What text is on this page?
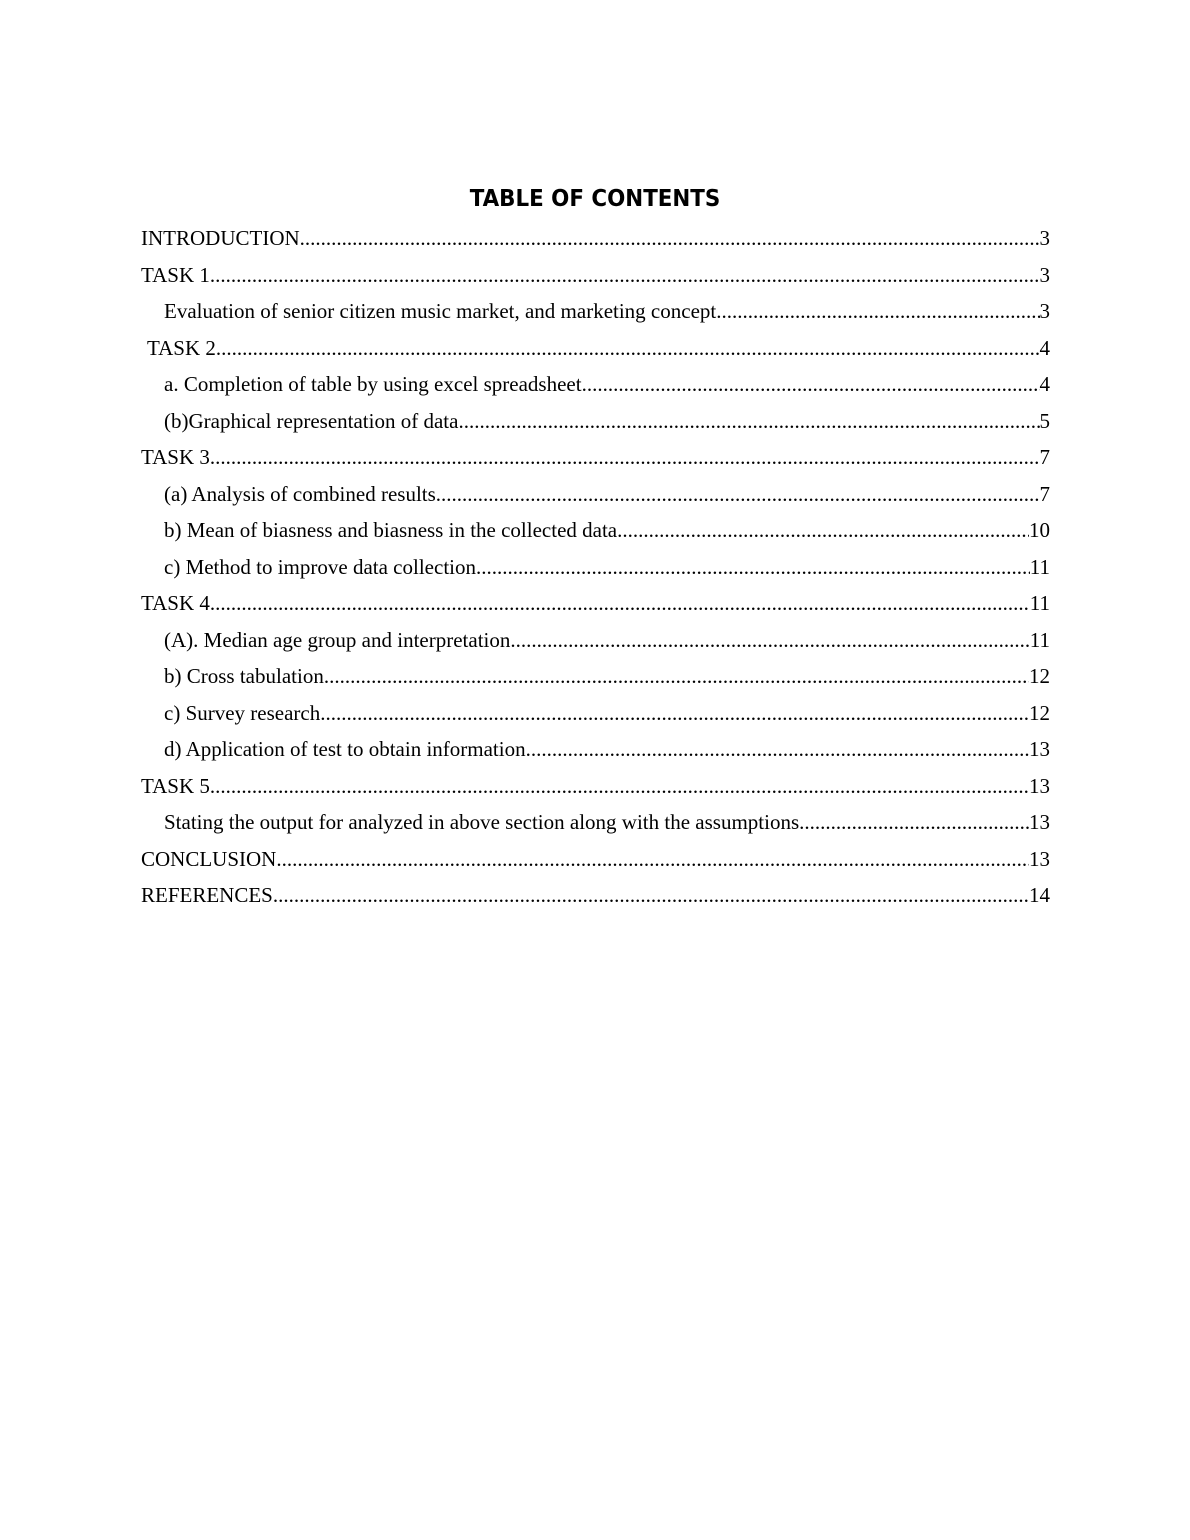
TABLE OF CONTENTS
INTRODUCTION .....	3
TASK 1 .....	3
Evaluation of senior citizen music market, and marketing concept .....	3
TASK 2 .....	4
a. Completion of table by using excel spreadsheet .....	4
(b)Graphical representation of data .....	5
TASK 3 .....	7
(a) Analysis of combined results .....	7
b) Mean of biasness and biasness in the collected data .....	10
c) Method to improve data collection .....	11
TASK 4 .....	11
(A). Median age group and interpretation .....	11
b) Cross tabulation .....	12
c) Survey research .....	12
d) Application of test to obtain information .....	13
TASK 5 .....	13
Stating the output for analyzed in above section along with the assumptions .....	13
CONCLUSION .....	13
REFERENCES .....	14
